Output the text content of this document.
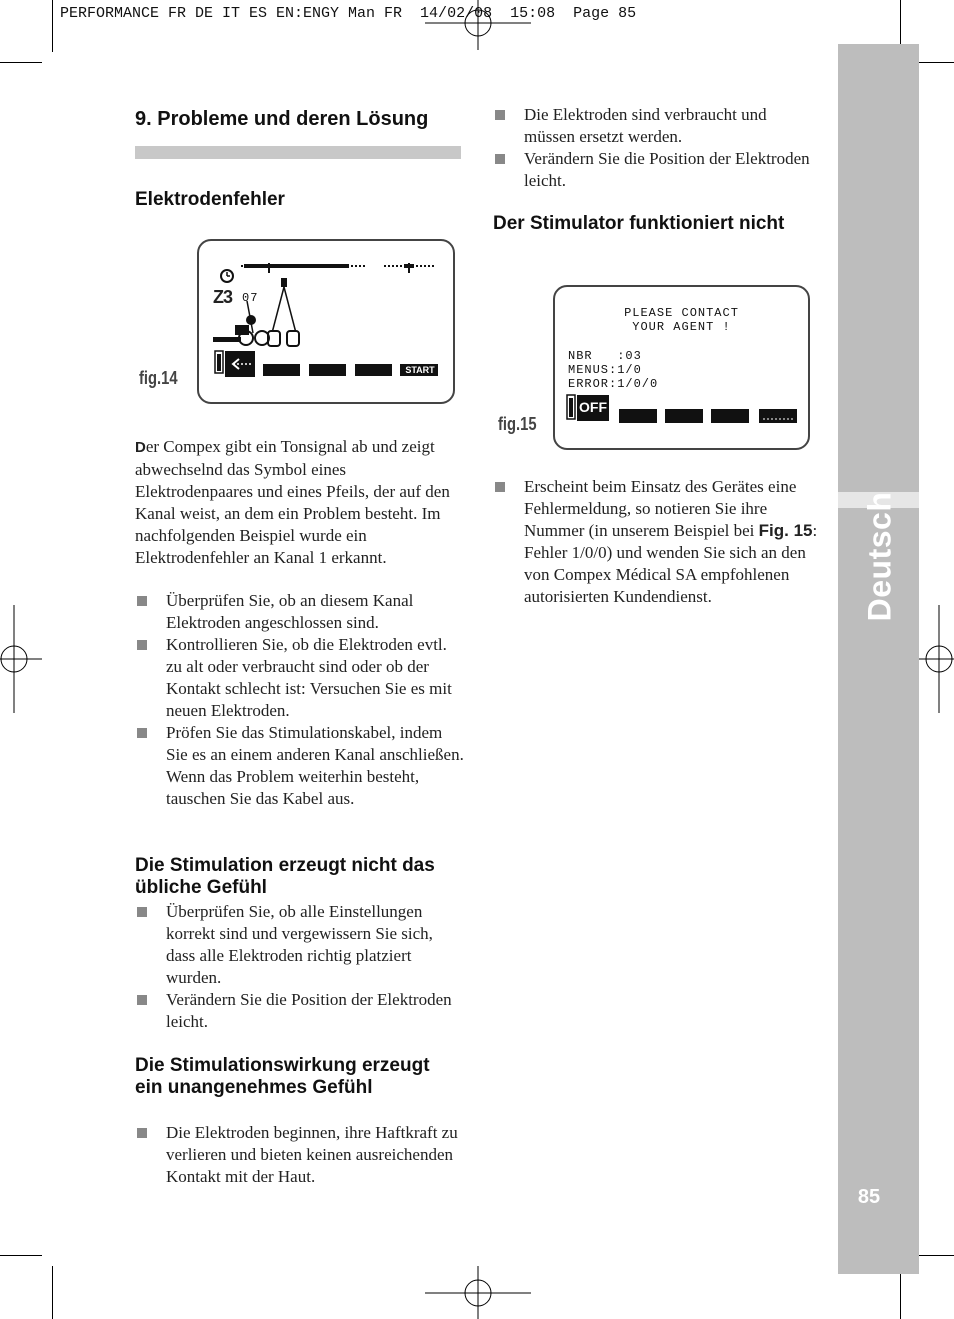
PERFORMANCE FR DE IT ES EN:ENGY Man FR  14/02/08  15:08  Page 85
Deutsch
85
9. Probleme und deren Lösung
Elektrodenfehler
fig.14
Z3 07
START

Der Compex gibt ein Tonsignal ab und zeigt abwechselnd das Symbol eines Elektrodenpaares und eines Pfeils, der auf den Kanal weist, an dem ein Problem besteht. Im nachfolgenden Beispiel wurde ein Elektrodenfehler an Kanal 1 erkannt.

Überprüfen Sie, ob an diesem Kanal Elektroden angeschlossen sind.
Kontrollieren Sie, ob die Elektroden evtl. zu alt oder verbraucht sind oder ob der Kontakt schlecht ist: Versuchen Sie es mit neuen Elektroden.
Pröfen Sie das Stimulationskabel, indem Sie es an einem anderen Kanal anschließen. Wenn das Problem weiterhin besteht, tauschen Sie das Kabel aus.
Die Stimulation erzeugt nicht das übliche Gefühl
Überprüfen Sie, ob alle Einstellungen korrekt sind und vergewissern Sie sich, dass alle Elektroden richtig platziert wurden.
Verändern Sie die Position der Elektroden leicht.
Die Stimulationswirkung erzeugt ein unangenehmes Gefühl
Die Elektroden beginnen, ihre Haftkraft zu verlieren und bieten keinen ausreichenden Kontakt mit der Haut.
Die Elektroden sind verbraucht und müssen ersetzt werden.
Verändern Sie die Position der Elektroden leicht.
Der Stimulator funktioniert nicht
fig.15
PLEASE CONTACT
YOUR AGENT !
NBR   :03
MENUS:1/0
ERROR:1/0/0
OFF
Erscheint beim Einsatz des Gerätes eine Fehlermeldung, so notieren Sie ihre Nummer (in unserem Beispiel bei Fig. 15: Fehler 1/0/0) und wenden Sie sich an den von Compex Médical SA empfohlenen autorisierten Kundendienst.
